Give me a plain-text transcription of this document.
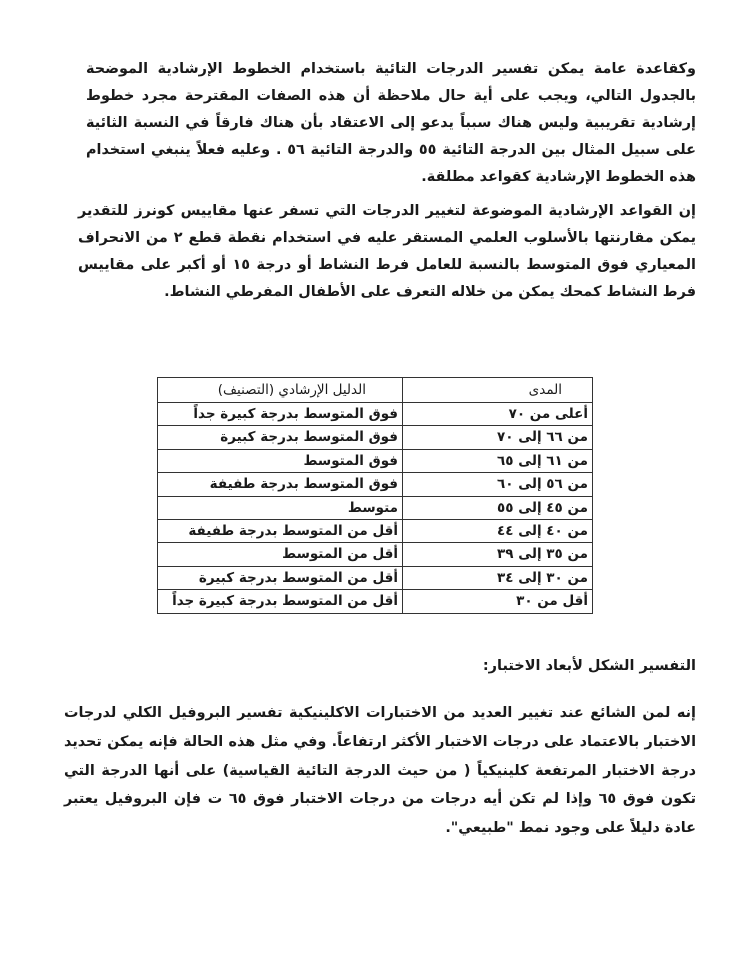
وكقاعدة عامة يمكن تفسير الدرجات التائية باستخدام الخطوط الإرشادية الموضحة بالجدول التالي، ويجب على أية حال ملاحظة أن هذه الصفات المقترحة مجرد خطوط إرشادية تقريبية وليس هناك سبباً يدعو إلى الاعتقاد بأن هناك فارقاً في النسبة الثائية على سبيل المثال بين الدرجة التائية ٥٥ والدرجة التائية ٥٦ . وعليه فعلاً ينبغي استخدام هذه الخطوط الإرشادية كقواعد مطلقة.

إن القواعد الإرشادية الموضوعة لتغيير الدرجات التي تسفر عنها مقاييس كونرز للتقدير يمكن مقارنتها بالأسلوب العلمي المستقر عليه في استخدام نقطة قطع ٢ من الانحراف المعياري فوق المتوسط بالنسبة للعامل فرط النشاط أو درجة ١٥ أو أكبر على مقاييس فرط النشاط كمحك يمكن من خلاله التعرف على الأطفال المفرطي النشاط.

المدى	الدليل الإرشادي (التصنيف)
أعلى من ٧٠	فوق المتوسط بدرجة كبيرة جداً
من ٦٦ إلى ٧٠	فوق المتوسط بدرجة كبيرة
من ٦١ إلى ٦٥	فوق المتوسط
من ٥٦ إلى ٦٠	فوق المتوسط بدرجة طفيفة
من ٤٥ إلى ٥٥	متوسط
من ٤٠ إلى ٤٤	أقل من المتوسط بدرجة طفيفة
من ٣٥ إلى ٣٩	أقل من المتوسط
من ٣٠ إلى ٣٤	أقل من المتوسط بدرجة كبيرة
أقل من ٣٠	أقل من المتوسط بدرجة كبيرة جداً
التفسير الشكل لأبعاد الاختبار:

إنه لمن الشائع عند تغيير العديد من الاختبارات الاكلينيكية تفسير البروفيل الكلي لدرجات الاختبار بالاعتماد على درجات الاختبار الأكثر ارتفاعاً. وفي مثل هذه الحالة فإنه يمكن تحديد درجة الاختبار المرتفعة كلينيكياً ( من حيث الدرجة التائية القياسية) على أنها الدرجة التي تكون فوق ٦٥ وإذا لم تكن أيه درجات من درجات الاختبار فوق ٦٥ ت فإن البروفيل يعتبر عادة دليلاً على وجود نمط "طبيعي".
